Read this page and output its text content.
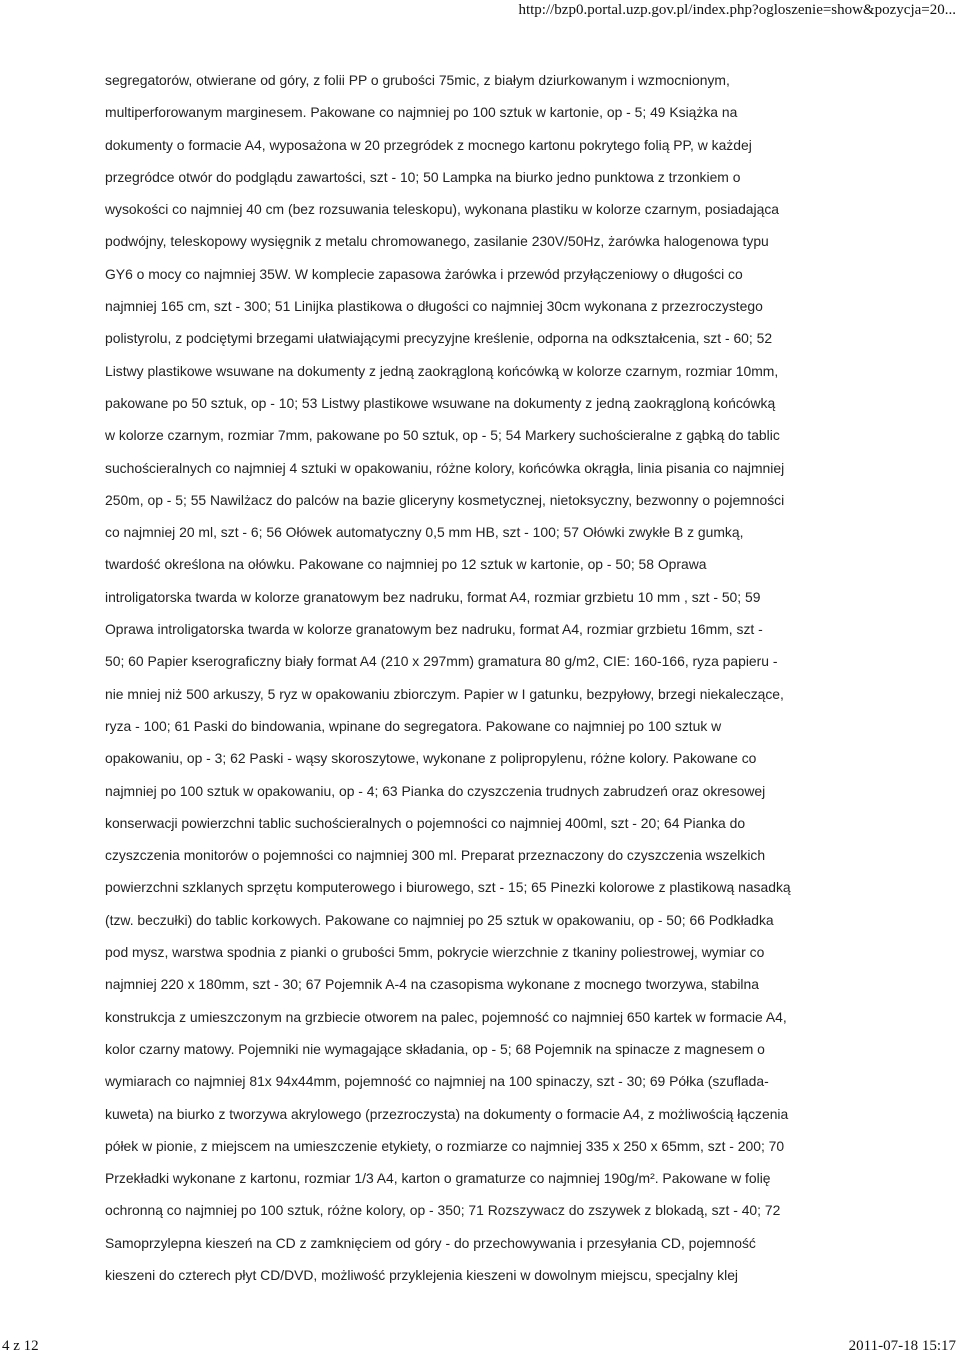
http://bzp0.portal.uzp.gov.pl/index.php?ogloszenie=show&pozycja=20...
segregatorów, otwierane od góry, z folii PP o grubości 75mic, z białym dziurkowanym i wzmocnionym,
multiperforowanym marginesem. Pakowane co najmniej po 100 sztuk w kartonie, op - 5; 49 Książka na
dokumenty o formacie A4, wyposażona w 20 przegródek z mocnego kartonu pokrytego folią PP, w każdej
przegródce otwór do podglądu zawartości, szt - 10; 50 Lampka na biurko jedno punktowa z trzonkiem o
wysokości co najmniej 40 cm (bez rozsuwania teleskopu), wykonana plastiku w kolorze czarnym, posiadająca
podwójny, teleskopowy wysięgnik z metalu chromowanego, zasilanie 230V/50Hz, żarówka halogenowa typu
GY6 o mocy co najmniej 35W. W komplecie zapasowa żarówka i przewód przyłączeniowy o długości co
najmniej 165 cm, szt - 300; 51 Linijka plastikowa o długości co najmniej 30cm wykonana z przezroczystego
polistyrolu, z podciętymi brzegami ułatwiającymi precyzyjne kreślenie, odporna na odkształcenia, szt - 60; 52
Listwy plastikowe wsuwane na dokumenty z jedną zaokrągloną końcówką w kolorze czarnym, rozmiar 10mm,
pakowane po 50 sztuk, op - 10; 53 Listwy plastikowe wsuwane na dokumenty z jedną zaokrągloną końcówką
w kolorze czarnym, rozmiar 7mm, pakowane po 50 sztuk, op - 5; 54 Markery suchościeralne z gąbką do tablic
suchościeralnych co najmniej 4 sztuki w opakowaniu, różne kolory, końcówka okrągła, linia pisania co najmniej
250m, op - 5; 55 Nawilżacz do palców na bazie gliceryny kosmetycznej, nietoksyczny, bezwonny o pojemności
co najmniej 20 ml, szt - 6; 56 Ołówek automatyczny 0,5 mm HB, szt - 100; 57 Ołówki zwykłe B z gumką,
twardość określona na ołówku. Pakowane co najmniej po 12 sztuk w kartonie, op - 50; 58 Oprawa
introligatorska twarda w kolorze granatowym bez nadruku, format A4, rozmiar grzbietu 10 mm , szt - 50; 59
Oprawa introligatorska twarda w kolorze granatowym bez nadruku, format A4, rozmiar grzbietu 16mm, szt -
50; 60 Papier kserograficzny biały format A4 (210 x 297mm) gramatura 80 g/m2, CIE: 160-166, ryza papieru -
nie mniej niż 500 arkuszy, 5 ryz w opakowaniu zbiorczym. Papier w I gatunku, bezpyłowy, brzegi niekaleczące,
ryza - 100; 61 Paski do bindowania, wpinane do segregatora. Pakowane co najmniej po 100 sztuk w
opakowaniu, op - 3; 62 Paski - wąsy skoroszytowe, wykonane z polipropylenu, różne kolory. Pakowane co
najmniej po 100 sztuk w opakowaniu, op - 4; 63 Pianka do czyszczenia trudnych zabrudzeń oraz okresowej
konserwacji powierzchni tablic suchościeralnych o pojemności co najmniej 400ml, szt - 20; 64 Pianka do
czyszczenia monitorów o pojemności co najmniej 300 ml. Preparat przeznaczony do czyszczenia wszelkich
powierzchni szklanych sprzętu komputerowego i biurowego, szt - 15; 65 Pinezki kolorowe z plastikową nasadką
(tzw. beczułki) do tablic korkowych. Pakowane co najmniej po 25 sztuk w opakowaniu, op - 50; 66 Podkładka
pod mysz, warstwa spodnia z pianki o grubości 5mm, pokrycie wierzchnie z tkaniny poliestrowej, wymiar co
najmniej 220 x 180mm, szt - 30; 67 Pojemnik A-4 na czasopisma wykonane z mocnego tworzywa, stabilna
konstrukcja z umieszczonym na grzbiecie otworem na palec, pojemność co najmniej 650 kartek w formacie A4,
kolor czarny matowy. Pojemniki nie wymagające składania, op - 5; 68 Pojemnik na spinacze z magnesem o
wymiarach co najmniej 81x 94x44mm, pojemność co najmniej na 100 spinaczy, szt - 30; 69 Półka (szuflada-
kuweta) na biurko z tworzywa akrylowego (przezroczysta) na dokumenty o formacie A4, z możliwością łączenia
półek w pionie, z miejscem na umieszczenie etykiety, o rozmiarze co najmniej 335 x 250 x 65mm, szt - 200; 70
Przekładki wykonane z kartonu, rozmiar 1/3 A4, karton o gramaturze co najmniej 190g/m². Pakowane w folię
ochronną co najmniej po 100 sztuk, różne kolory, op - 350; 71 Rozszywacz do zszywek z blokadą, szt - 40; 72
Samoprzylepna kieszeń na CD z zamknięciem od góry - do przechowywania i przesyłania CD, pojemność
kieszeni do czterech płyt CD/DVD, możliwość przyklejenia kieszeni w dowolnym miejscu, specjalny klej
4 z 12	2011-07-18 15:17
